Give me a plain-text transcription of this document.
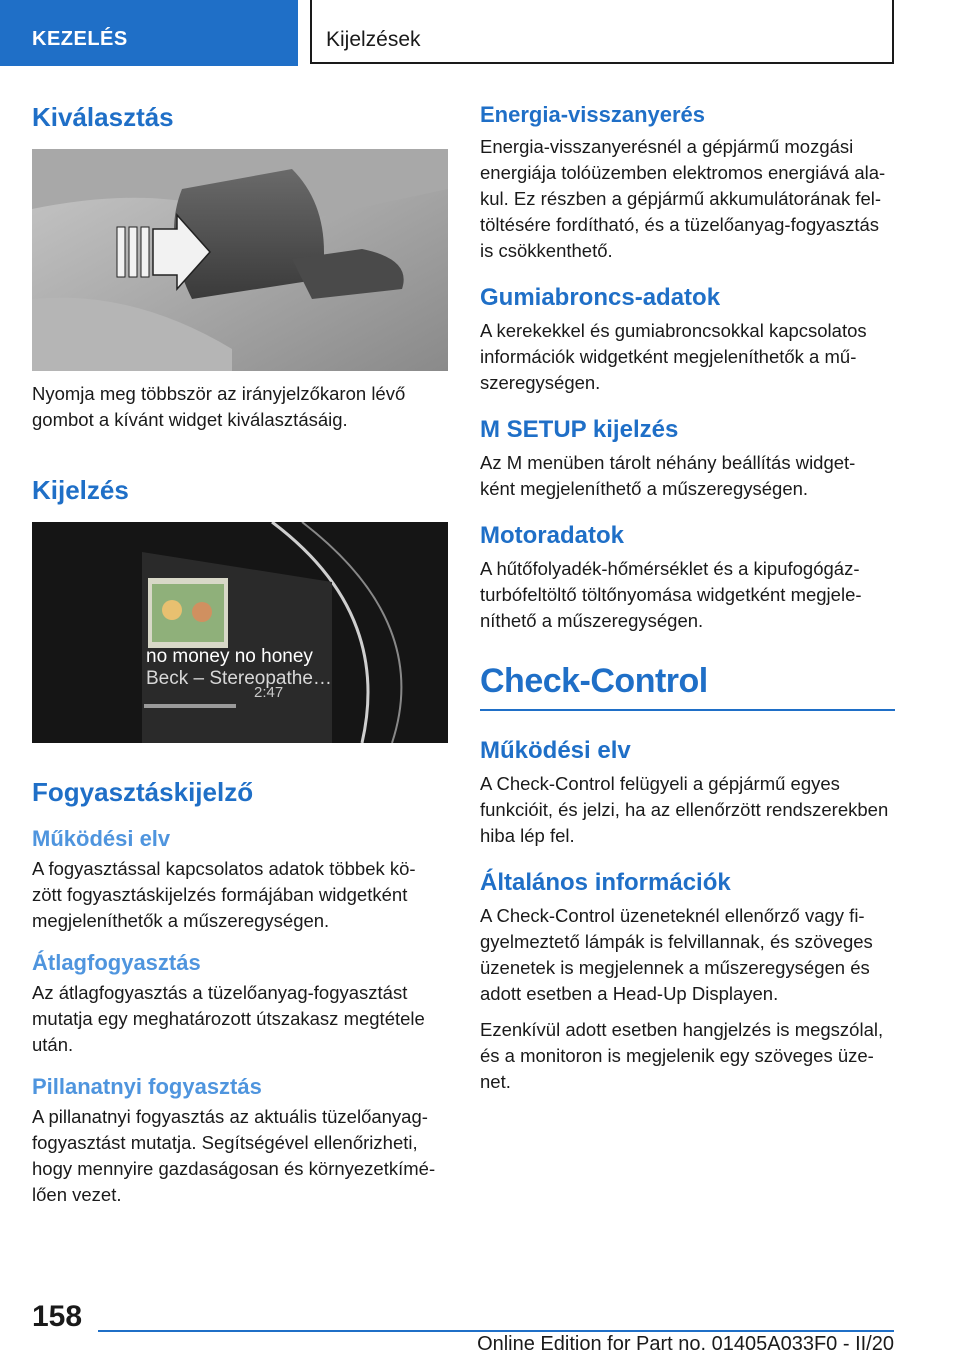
KEZELÉS	Kijelzések
Kiválasztás

Nyomja meg többször az irányjelzőkaron lévő gombot a kívánt widget kiválasztásáig.

Kijelzés
no money no honey
Beck – Stereopathe…
2:47
Fogyasztáskijelző
Működési elv

A fogyasztással kapcsolatos adatok többek kö- zött fogyasztáskijelzés formájában widgetként megjeleníthetők a műszeregységen.

Átlagfogyasztás

Az átlagfogyasztás a tüzelőanyag-fogyasztást mutatja egy meghatározott útszakasz megtétele után.

Pillanatnyi fogyasztás

A pillanatnyi fogyasztás az aktuális tüzelőanyag- fogyasztást mutatja. Segítségével ellenőrizheti, hogy mennyire gazdaságosan és környezetkímé- lően vezet.

Energia-visszanyerés

Energia-visszanyerésnél a gépjármű mozgási energiája tolóüzemben elektromos energiává ala- kul. Ez részben a gépjármű akkumulátorának fel- töltésére fordítható, és a tüzelőanyag-fogyasztás is csökkenthető.

Gumiabroncs-adatok

A kerekekkel és gumiabroncsokkal kapcsolatos információk widgetként megjeleníthetők a mű- szeregységen.

M SETUP kijelzés

Az M menüben tárolt néhány beállítás widget- ként megjeleníthető a műszeregységen.

Motoradatok

A hűtőfolyadék-hőmérséklet és a kipufogógáz- turbófeltöltő töltőnyomása widgetként megjele- níthető a műszeregységen.

Check-Control
Működési elv

A Check-Control felügyeli a gépjármű egyes funkcióit, és jelzi, ha az ellenőrzött rendszerekben hiba lép fel.

Általános információk

A Check-Control üzeneteknél ellenőrző vagy fi- gyelmeztető lámpák is felvillannak, és szöveges üzenetek is megjelennek a műszeregységen és adott esetben a Head-Up Displayen.

Ezenkívül adott esetben hangjelzés is megszólal, és a monitoron is megjelenik egy szöveges üze- net.

158
Online Edition for Part no. 01405A033F0 - II/20
